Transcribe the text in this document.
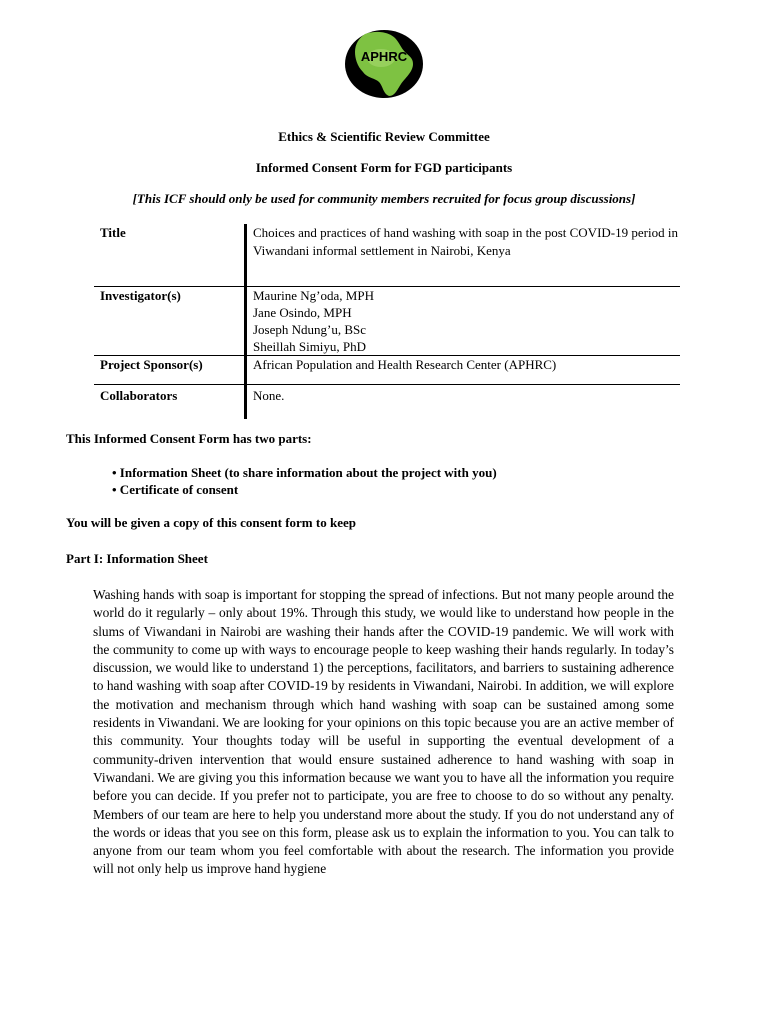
APHRC
Ethics & Scientific Review Committee
Informed Consent Form for FGD participants
[This ICF should only be used for community members recruited for focus group discussions]
Title	Choices and practices of hand washing with soap in the post COVID-19 period in Viwandani informal settlement in Nairobi, Kenya
Investigator(s)	Maurine Ng’oda, MPH
Jane Osindo, MPH
Joseph Ndung’u, BSc
Sheillah Simiyu, PhD

Project Sponsor(s)	African Population and Health Research Center (APHRC)
Collaborators	None.
This Informed Consent Form has two parts:
• Information Sheet (to share information about the project with you)
• Certificate of consent
You will be given a copy of this consent form to keep
Part I: Information Sheet
Washing hands with soap is important for stopping the spread of infections. But not many people around the world do it regularly – only about 19%. Through this study, we would like to understand how people in the slums of Viwandani in Nairobi are washing their hands after the COVID-19 pandemic. We will work with the community to come up with ways to encourage people to keep washing their hands regularly. In today’s discussion, we would like to understand 1) the perceptions, facilitators, and barriers to sustaining adherence to hand washing with soap after COVID-19 by residents in Viwandani, Nairobi. In addition, we will explore the motivation and mechanism through which hand washing with soap can be sustained among some residents in Viwandani. We are looking for your opinions on this topic because you are an active member of this community. Your thoughts today will be useful in supporting the eventual development of a community-driven intervention that would ensure sustained adherence to hand washing with soap in Viwandani. We are giving you this information because we want you to have all the information you require before you can decide. If you prefer not to participate, you are free to choose to do so without any penalty. Members of our team are here to help you understand more about the study. If you do not understand any of the words or ideas that you see on this form, please ask us to explain the information to you. You can talk to anyone from our team whom you feel comfortable with about the research. The information you provide will not only help us improve hand hygiene
